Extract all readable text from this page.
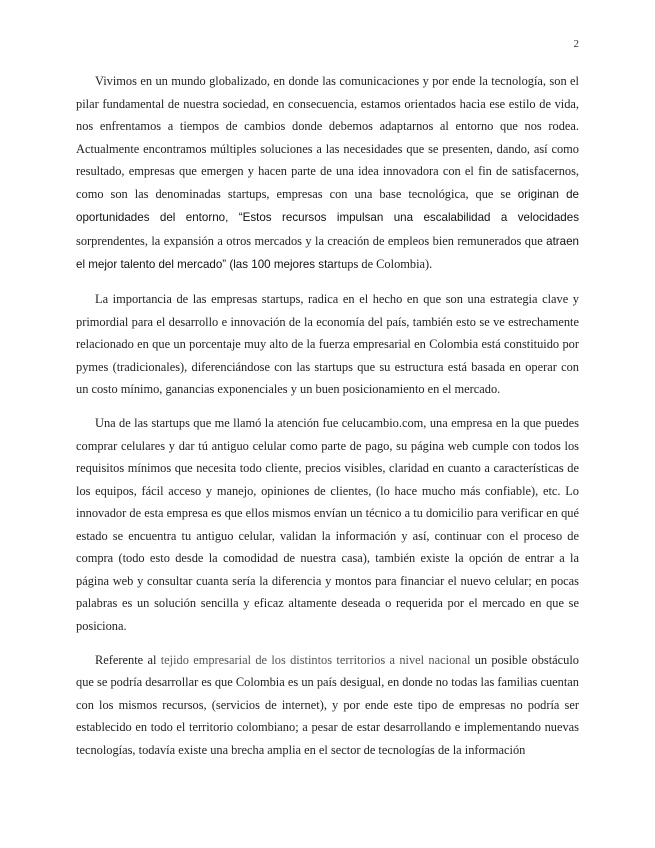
2

Vivimos en un mundo globalizado, en donde las comunicaciones y por ende la tecnología, son el pilar fundamental de nuestra sociedad, en consecuencia, estamos orientados hacia ese estilo de vida, nos enfrentamos a tiempos de cambios donde debemos adaptarnos al entorno que nos rodea. Actualmente encontramos múltiples soluciones a las necesidades que se presenten, dando, así como resultado, empresas que emergen y hacen parte de una idea innovadora con el fin de satisfacernos, como son las denominadas startups, empresas con una base tecnológica, que se originan de oportunidades del entorno, “Estos recursos impulsan una escalabilidad a velocidades sorprendentes, la expansión a otros mercados y la creación de empleos bien remunerados que atraen el mejor talento del mercado” (las 100 mejores startups de Colombia).

La importancia de las empresas startups, radica en el hecho en que son una estrategia clave y primordial para el desarrollo e innovación de la economía del país, también esto se ve estrechamente relacionado en que un porcentaje muy alto de la fuerza empresarial en Colombia está constituido por pymes (tradicionales), diferenciándose con las startups que su estructura está basada en operar con un costo mínimo, ganancias exponenciales y un buen posicionamiento en el mercado.

Una de las startups que me llamó la atención fue celucambio.com, una empresa en la que puedes comprar celulares y dar tú antiguo celular como parte de pago, su página web cumple con todos los requisitos mínimos que necesita todo cliente, precios visibles, claridad en cuanto a características de los equipos, fácil acceso y manejo, opiniones de clientes, (lo hace mucho más confiable), etc. Lo innovador de esta empresa es que ellos mismos envían un técnico a tu domicilio para verificar en qué estado se encuentra tu antiguo celular, validan la información y así, continuar con el proceso de compra (todo esto desde la comodidad de nuestra casa), también existe la opción de entrar a la página web y consultar cuanta sería la diferencia y montos para financiar el nuevo celular; en pocas palabras es un solución sencilla y eficaz altamente deseada o requerida por el mercado en que se posiciona.

Referente al tejido empresarial de los distintos territorios a nivel nacional un posible obstáculo que se podría desarrollar es que Colombia es un país desigual, en donde no todas las familias cuentan con los mismos recursos, (servicios de internet), y por ende este tipo de empresas no podría ser establecido en todo el territorio colombiano; a pesar de estar desarrollando e implementando nuevas tecnologías, todavía existe una brecha amplia en el sector de tecnologías de la información
